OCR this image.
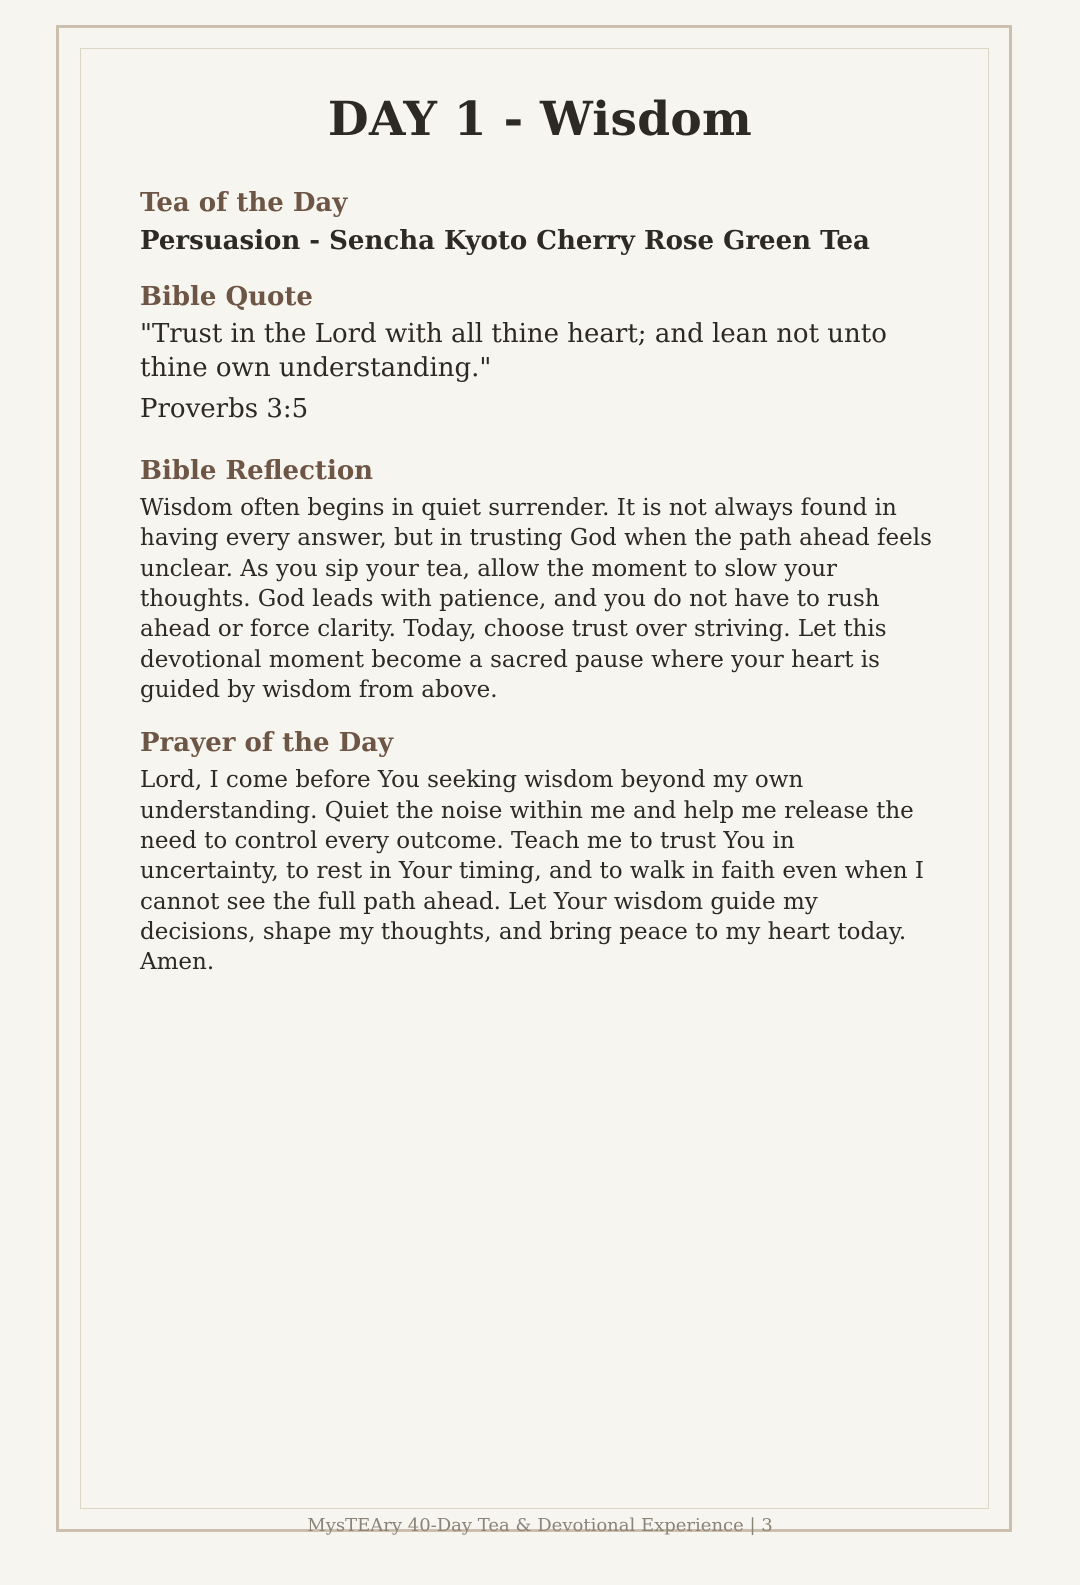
DAY 1 - Wisdom
Tea of the Day

Persuasion - Sencha Kyoto Cherry Rose Green Tea

Bible Quote

"Trust in the Lord with all thine heart; and lean not unto thine own understanding."

Proverbs 3:5

Bible Reflection

Wisdom often begins in quiet surrender. It is not always found in having every answer, but in trusting God when the path ahead feels unclear. As you sip your tea, allow the moment to slow your thoughts. God leads with patience, and you do not have to rush ahead or force clarity. Today, choose trust over striving. Let this devotional moment become a sacred pause where your heart is guided by wisdom from above.

Prayer of the Day

Lord, I come before You seeking wisdom beyond my own understanding. Quiet the noise within me and help me release the need to control every outcome. Teach me to trust You in uncertainty, to rest in Your timing, and to walk in faith even when I cannot see the full path ahead. Let Your wisdom guide my decisions, shape my thoughts, and bring peace to my heart today. Amen.

MysTEAry 40-Day Tea & Devotional Experience | 3
